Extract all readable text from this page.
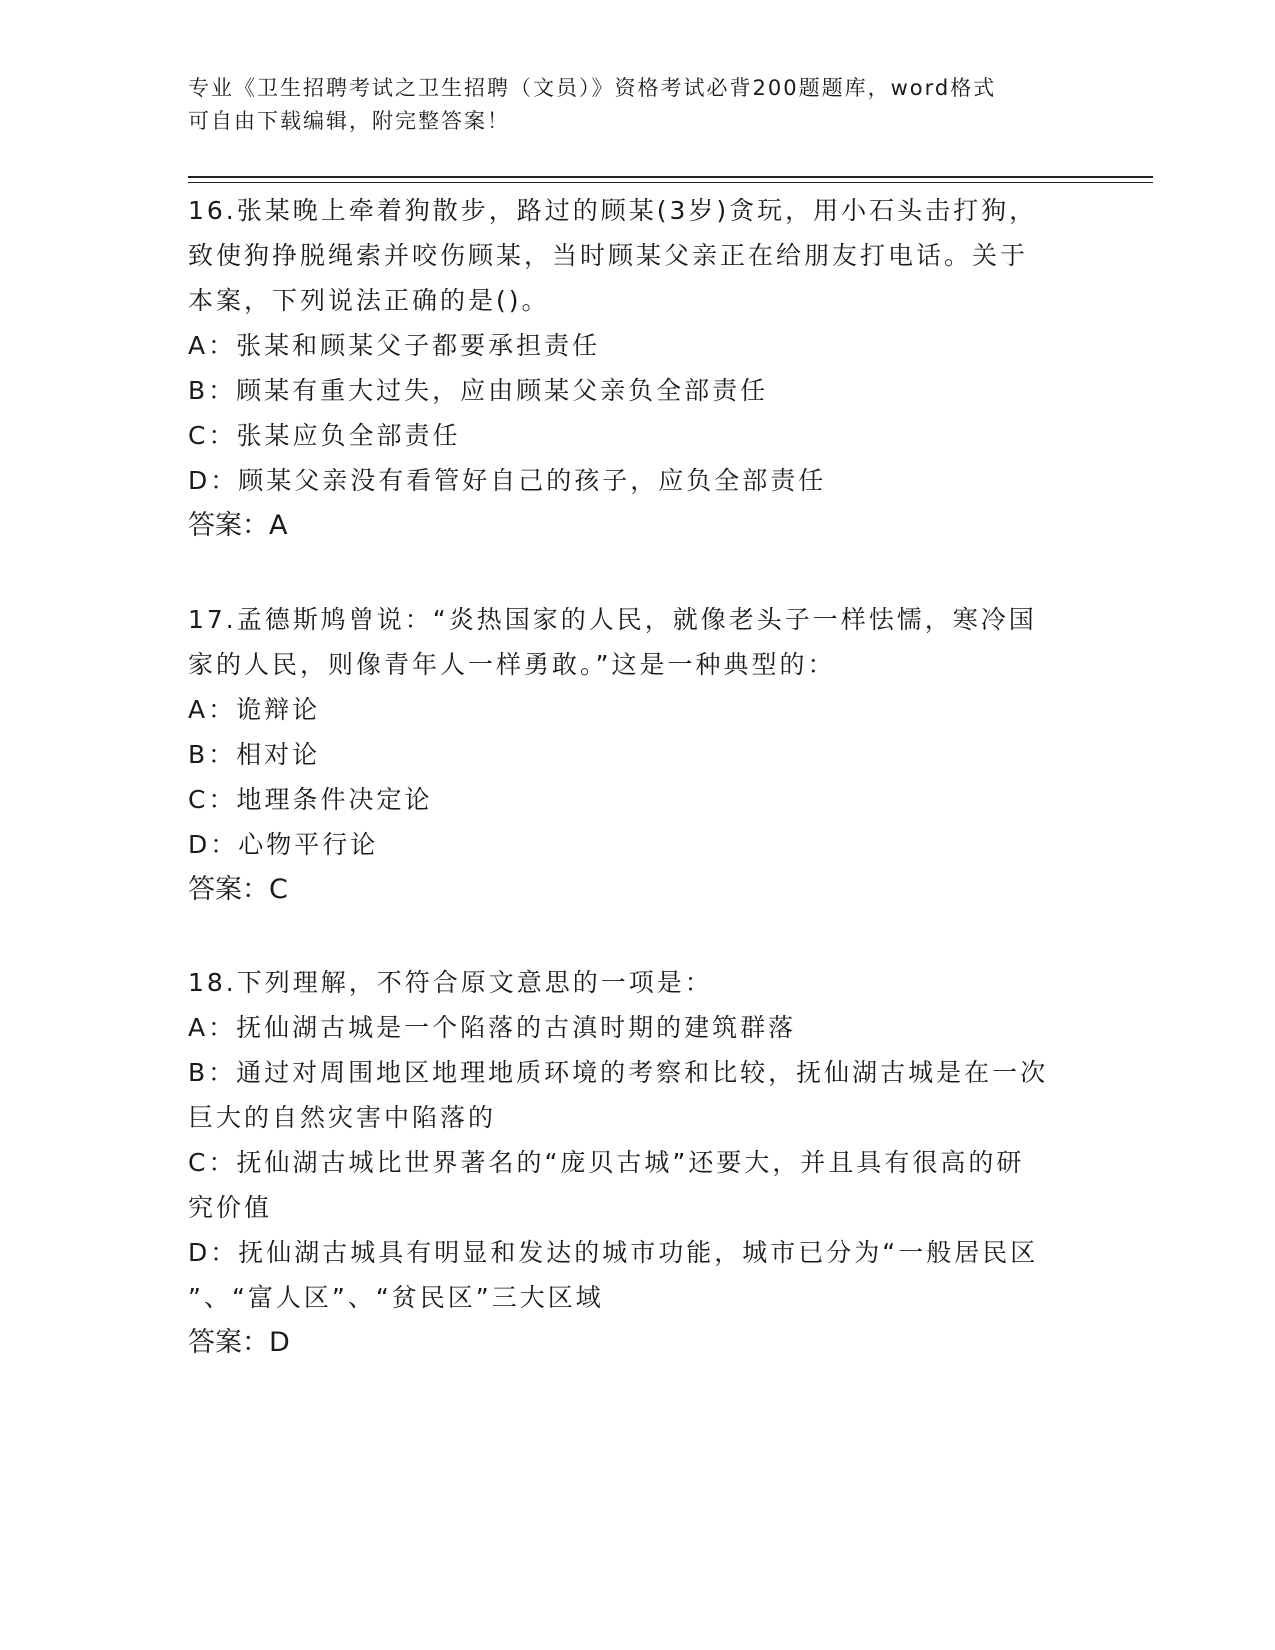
专业《卫生招聘考试之卫生招聘（文员）》资格考试必背200题题库，word格式
可自由下载编辑，附完整答案！

16.张某晚上牵着狗散步，路过的顾某(3岁)贪玩，用小石头击打狗，

致使狗挣脱绳索并咬伤顾某，当时顾某父亲正在给朋友打电话。关于

本案，下列说法正确的是()。

A：张某和顾某父子都要承担责任

B：顾某有重大过失，应由顾某父亲负全部责任

C：张某应负全部责任

D：顾某父亲没有看管好自己的孩子，应负全部责任

答案：A

17.孟德斯鸠曾说：“炎热国家的人民，就像老头子一样怯懦，寒冷国

家的人民，则像青年人一样勇敢。”这是一种典型的：

A：诡辩论

B：相对论

C：地理条件决定论

D：心物平行论

答案：C

18.下列理解，不符合原文意思的一项是：

A：抚仙湖古城是一个陷落的古滇时期的建筑群落

B：通过对周围地区地理地质环境的考察和比较，抚仙湖古城是在一次

巨大的自然灾害中陷落的

C：抚仙湖古城比世界著名的“庞贝古城”还要大，并且具有很高的研

究价值

D：抚仙湖古城具有明显和发达的城市功能，城市已分为“一般居民区

”、“富人区”、“贫民区”三大区域

答案：D
